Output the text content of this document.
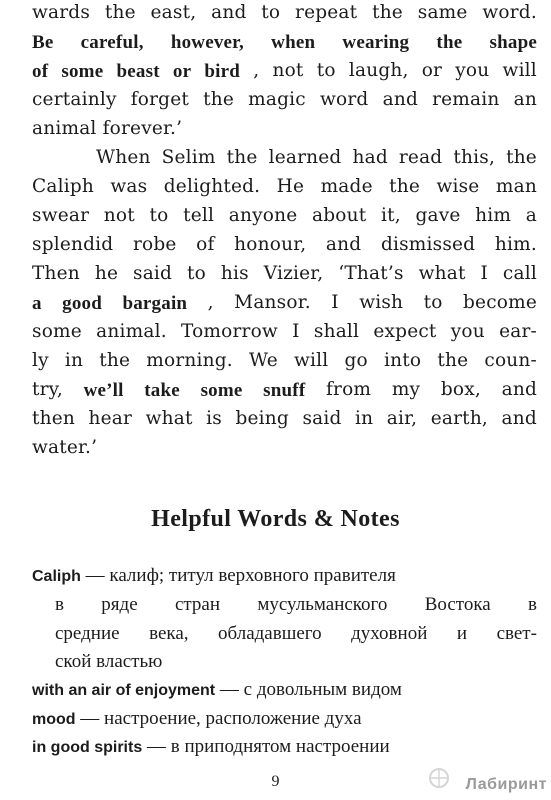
wards the east, and to repeat the same word.
Be careful, however, when wearing the shape
of some beast or bird , not to laugh, or you will
certainly forget the magic word and remain an
animal forever.’
When Selim the learned had read this, the
Caliph was delighted. He made the wise man
swear not to tell anyone about it, gave him a
splendid robe of honour, and dismissed him.
Then he said to his Vizier, ‘That’s what I call
a good bargain , Mansor. I wish to become
some animal. Tomorrow I shall expect you ear-
ly in the morning. We will go into the coun-
try, we’ll take some snuff from my box, and
then hear what is being said in air, earth, and
water.’
Helpful Words & Notes
Caliph — калиф; титул верховного правителя
в ряде стран мусульманского Востока в
средние века, обладавшего духовной и свет-
ской властью
with an air of enjoyment — с довольным видом
mood — настроение, расположение духа
in good spirits — в приподнятом настроении
9	Лабиринт
